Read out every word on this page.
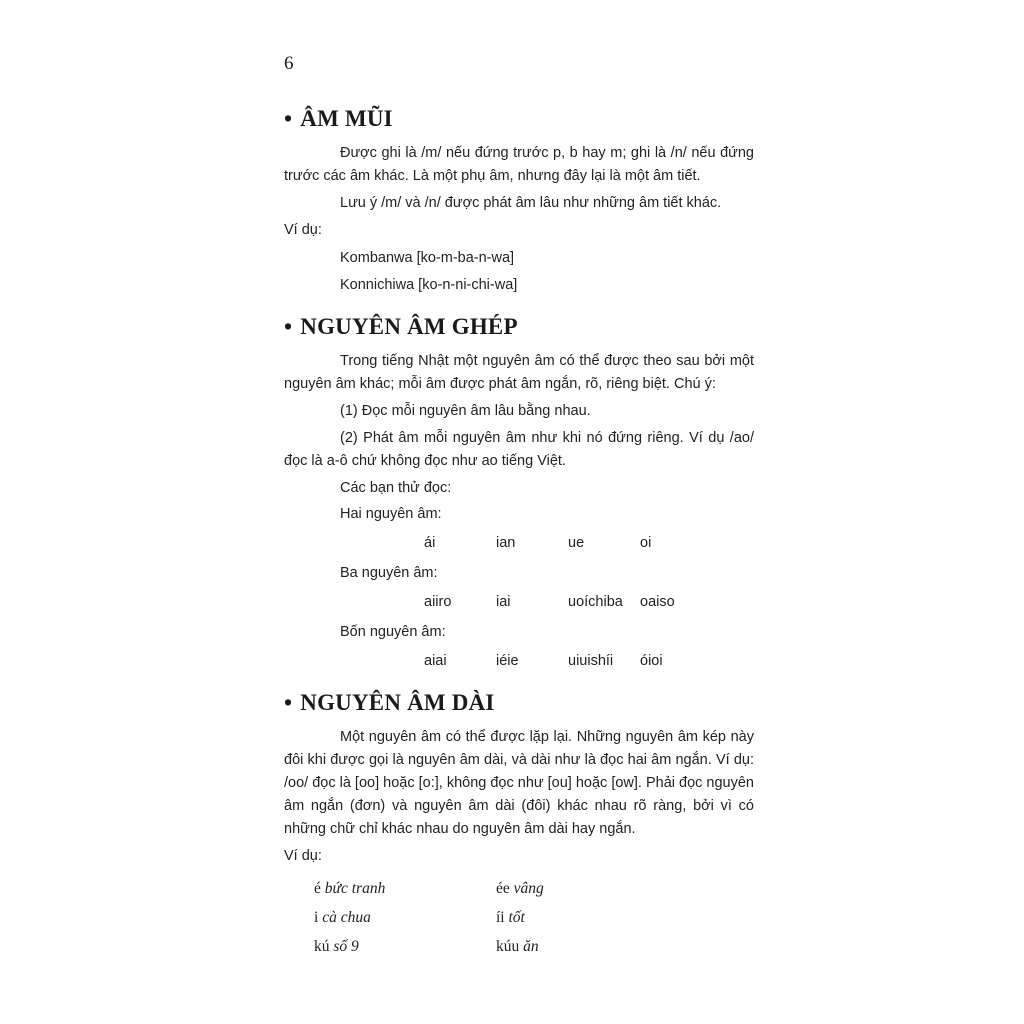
6
• ÂM MŨI

Được ghi là /m/ nếu đứng trước p, b hay m; ghi là /n/ nếu đứng trước các âm khác. Là một phụ âm, nhưng đây lại là một âm tiết.

Lưu ý /m/ và /n/ được phát âm lâu như những âm tiết khác.

Ví dụ:

Kombanwa [ko-m-ba-n-wa]
Konnichiwa [ko-n-ni-chi-wa]
• NGUYÊN ÂM GHÉP

Trong tiếng Nhật một nguyên âm có thể được theo sau bởi một nguyên âm khác; mỗi âm được phát âm ngắn, rõ, riêng biệt. Chú ý:

(1) Đọc mỗi nguyên âm lâu bằng nhau.

(2) Phát âm mỗi nguyên âm như khi nó đứng riêng. Ví dụ /ao/ đọc là a-ô chứ không đọc như ao tiếng Việt.

Các bạn thử đọc:
Hai nguyên âm:
ái	ian	ue	oi
Ba nguyên âm:
aiiro	iai	uoíchiba	oaiso
Bốn nguyên âm:
aiai	iéie	uiuishíi	óioi
• NGUYÊN ÂM DÀI

Một nguyên âm có thể được lặp lại. Những nguyên âm kép này đôi khi được gọi là nguyên âm dài, và dài như là đọc hai âm ngắn. Ví dụ: /oo/ đọc là [oo] hoặc [o:], không đọc như [ou] hoặc [ow]. Phải đọc nguyên âm ngắn (đơn) và nguyên âm dài (đôi) khác nhau rõ ràng, bởi vì có những chữ chỉ khác nhau do nguyên âm dài hay ngắn.

Ví dụ:

é bức tranh	ée vâng
i cà chua	íi tốt
kú số 9	kúu ăn
